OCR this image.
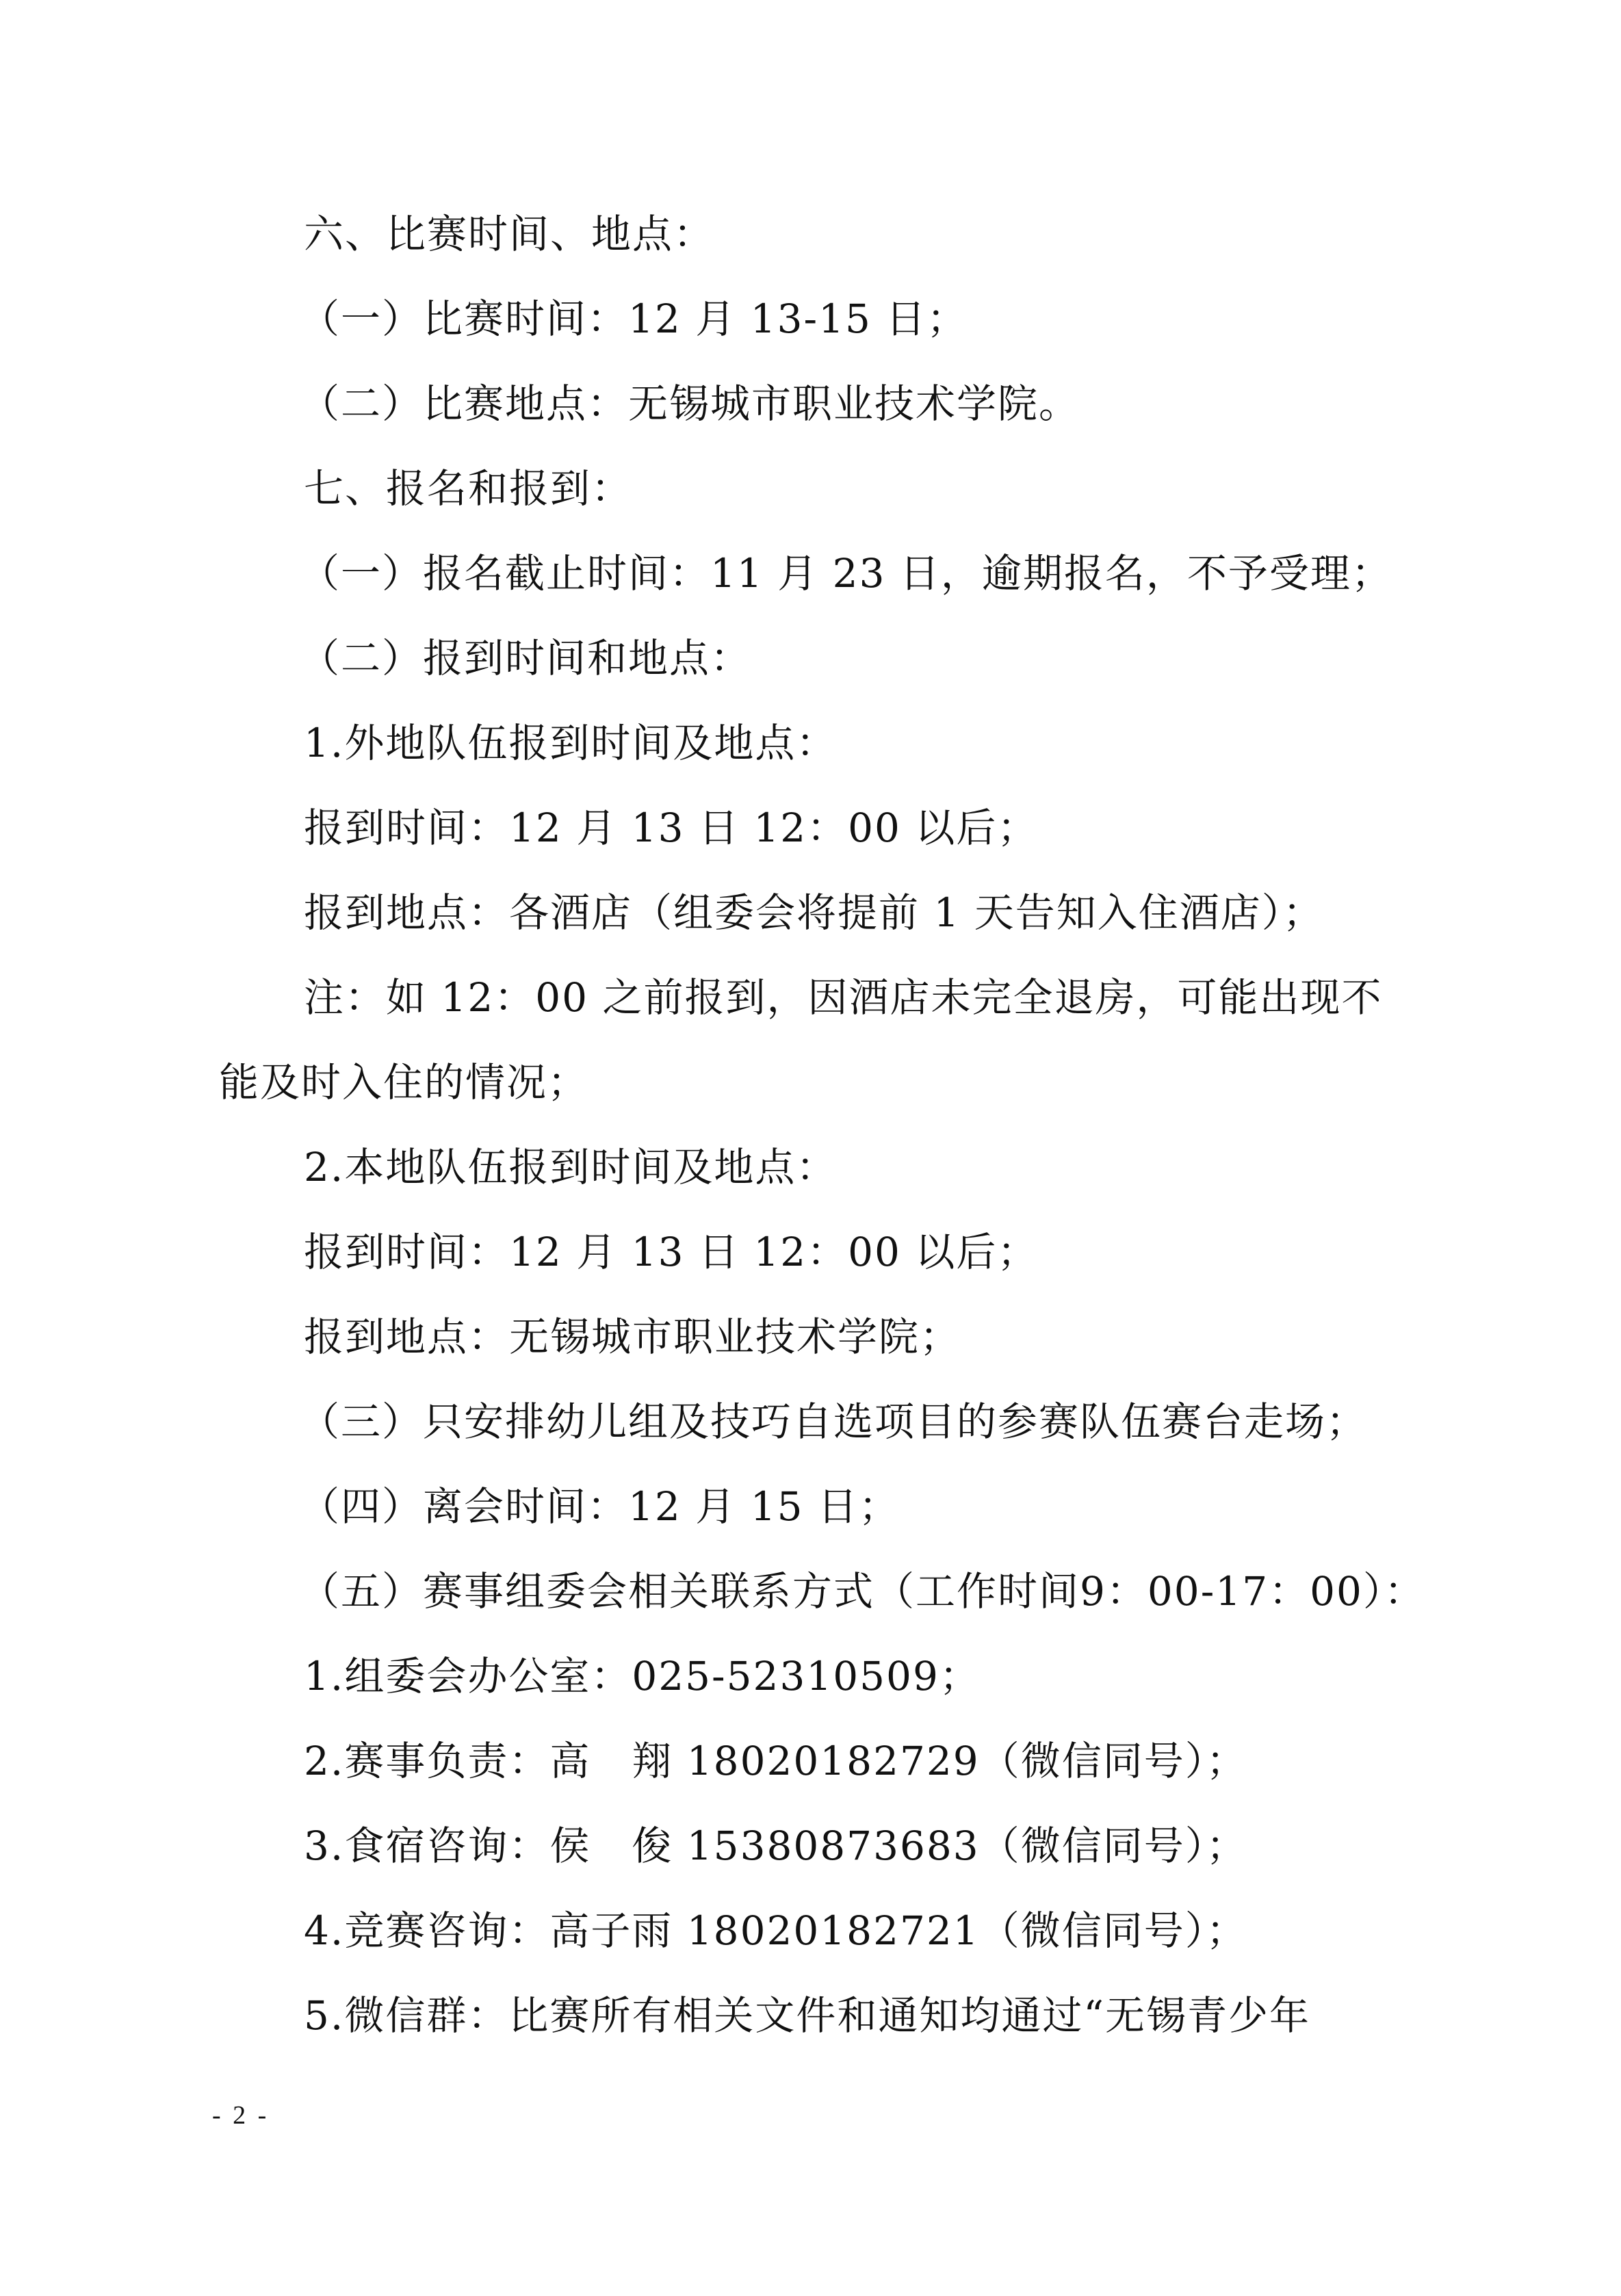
六、比赛时间、地点：
（一）比赛时间：12 月 13-15 日；
（二）比赛地点：无锡城市职业技术学院。
七、报名和报到：
（一）报名截止时间：11 月 23 日，逾期报名，不予受理；
（二）报到时间和地点：
1.外地队伍报到时间及地点：
报到时间：12 月 13 日 12：00 以后；
报到地点：各酒店（组委会将提前 1 天告知入住酒店）；
注：如 12：00 之前报到，因酒店未完全退房，可能出现不
能及时入住的情况；
2.本地队伍报到时间及地点：
报到时间：12 月 13 日 12：00 以后；
报到地点：无锡城市职业技术学院；
（三）只安排幼儿组及技巧自选项目的参赛队伍赛台走场；
（四）离会时间：12 月 15 日；
（五）赛事组委会相关联系方式（工作时间9：00-17：00）：
1.组委会办公室：025-52310509；
2.赛事负责：高　翔 18020182729（微信同号）；
3.食宿咨询：侯　俊 15380873683（微信同号）；
4.竞赛咨询：高子雨 18020182721（微信同号）；
5.微信群：比赛所有相关文件和通知均通过“无锡青少年
- 2 -
